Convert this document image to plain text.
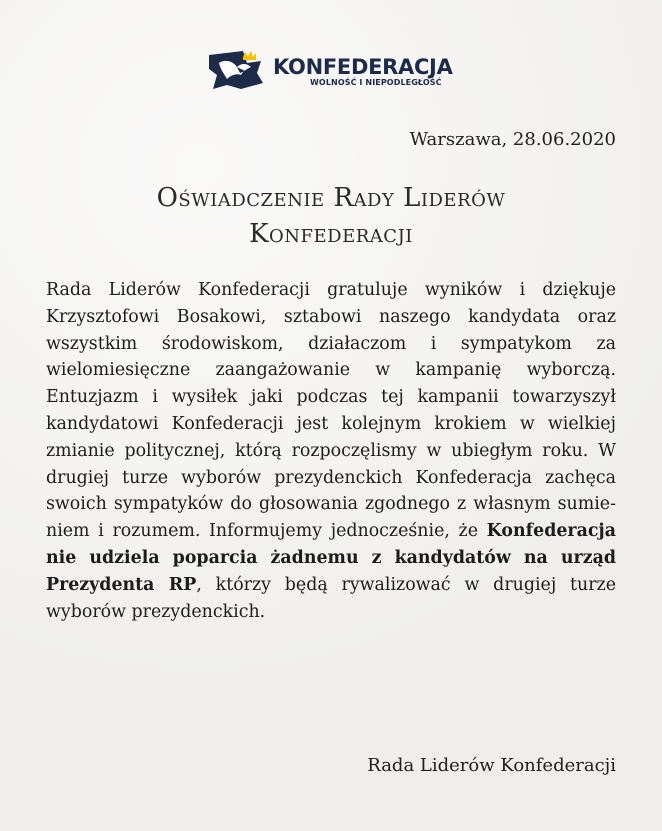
KONFEDERACJA
WOLNOŚĆ I NIEPODLEGŁOŚĆ
Warszawa, 28.06.2020
Oświadczenie Rady Liderów
Konfederacji

Rada Liderów Konfederacji gratuluje wyników i dziękuje Krzysztofowi Bosakowi, sztabowi naszego kandydata oraz wszystkim środowiskom, działaczom i sympatykom za wielomiesięczne zaangażowanie w kampanię wyborczą. Entuzjazm i wysiłek jaki podczas tej kampanii towarzyszył kandydatowi Konfederacji jest kolejnym krokiem w wielkiej zmianie politycznej, którą rozpoczęlismy w ubiegłym roku. W drugiej turze wyborów prezydenckich Konfederacja zachęca swoich sympatyków do głosowania zgodnego z własnym sumieniem i rozumem. Informujemy jednocześnie, że Konfederacja nie udziela poparcia żadnemu z kandydatów na urząd Prezydenta RP, którzy będą rywalizować w drugiej turze wyborów prezydenckich.

Rada Liderów Konfederacji
